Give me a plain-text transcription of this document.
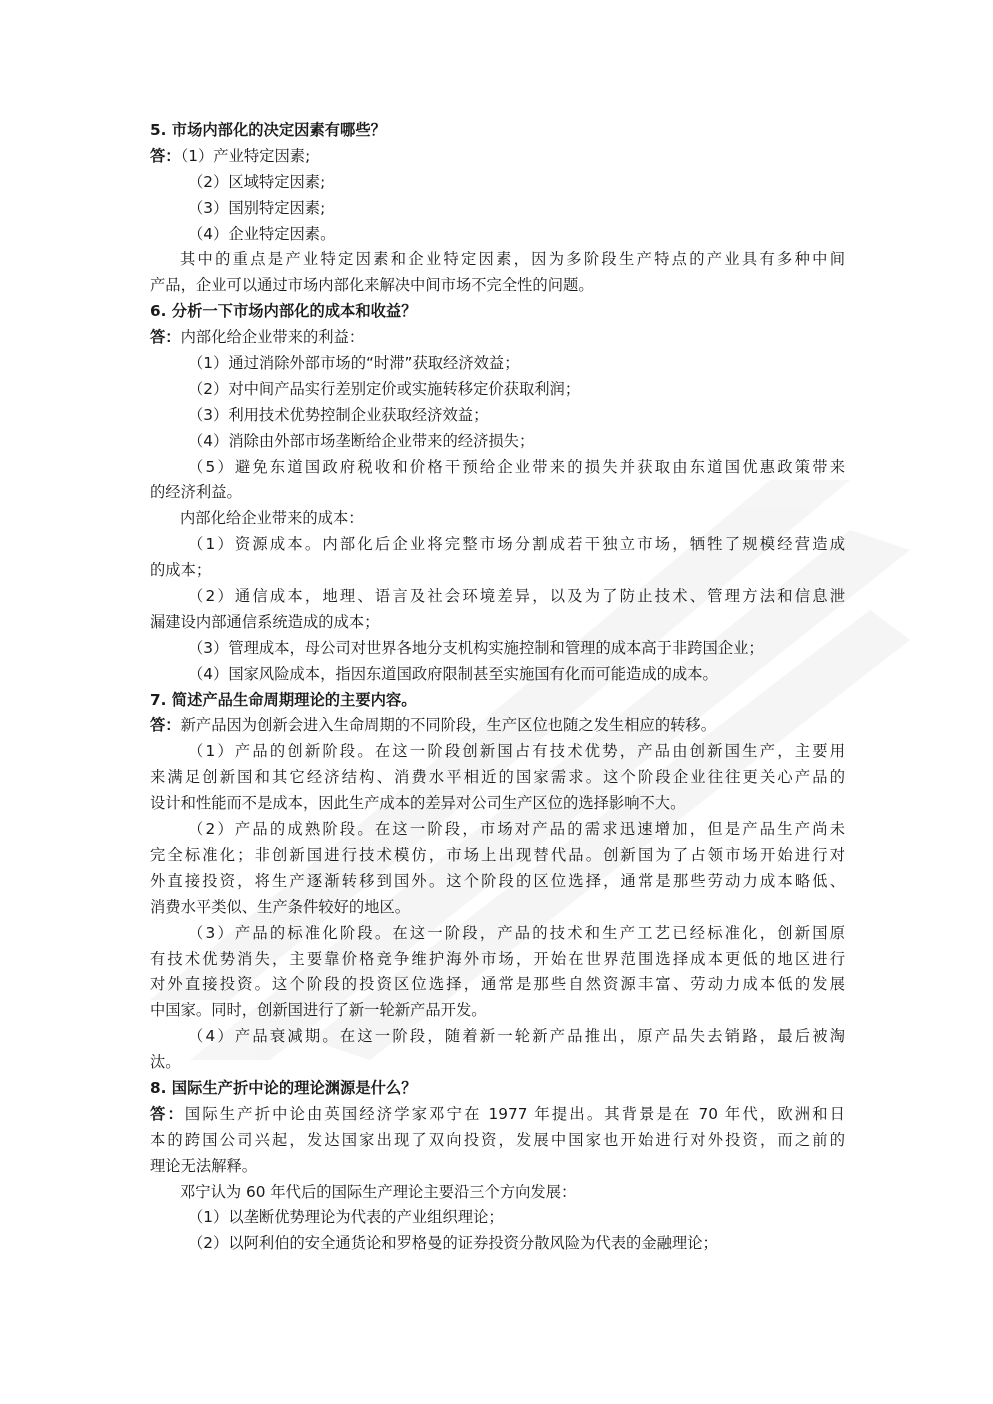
5. 市场内部化的决定因素有哪些？
答：（1）产业特定因素;
（2）区域特定因素;
（3）国别特定因素;
（4）企业特定因素。
其中的重点是产业特定因素和企业特定因素，因为多阶段生产特点的产业具有多种中间
产品，企业可以通过市场内部化来解决中间市场不完全性的问题。
6. 分析一下市场内部化的成本和收益？
答：内部化给企业带来的利益：
（1）通过消除外部市场的“时滞”获取经济效益；
（2）对中间产品实行差别定价或实施转移定价获取利润；
（3）利用技术优势控制企业获取经济效益；
（4）消除由外部市场垄断给企业带来的经济损失；
（5）避免东道国政府税收和价格干预给企业带来的损失并获取由东道国优惠政策带来
的经济利益。
内部化给企业带来的成本：
（1）资源成本。内部化后企业将完整市场分割成若干独立市场，牺牲了规模经营造成
的成本；
（2）通信成本，地理、语言及社会环境差异，以及为了防止技术、管理方法和信息泄
漏建设内部通信系统造成的成本；
（3）管理成本，母公司对世界各地分支机构实施控制和管理的成本高于非跨国企业；
（4）国家风险成本，指因东道国政府限制甚至实施国有化而可能造成的成本。
7. 简述产品生命周期理论的主要内容。
答：新产品因为创新会进入生命周期的不同阶段，生产区位也随之发生相应的转移。
（1）产品的创新阶段。在这一阶段创新国占有技术优势，产品由创新国生产，主要用
来满足创新国和其它经济结构、消费水平相近的国家需求。这个阶段企业往往更关心产品的
设计和性能而不是成本，因此生产成本的差异对公司生产区位的选择影响不大。
（2）产品的成熟阶段。在这一阶段，市场对产品的需求迅速增加，但是产品生产尚未
完全标准化；非创新国进行技术模仿，市场上出现替代品。创新国为了占领市场开始进行对
外直接投资，将生产逐渐转移到国外。这个阶段的区位选择，通常是那些劳动力成本略低、
消费水平类似、生产条件较好的地区。
（3）产品的标准化阶段。在这一阶段，产品的技术和生产工艺已经标准化，创新国原
有技术优势消失，主要靠价格竞争维护海外市场，开始在世界范围选择成本更低的地区进行
对外直接投资。这个阶段的投资区位选择，通常是那些自然资源丰富、劳动力成本低的发展
中国家。同时，创新国进行了新一轮新产品开发。
（4）产品衰减期。在这一阶段，随着新一轮新产品推出，原产品失去销路，最后被淘
汰。
8. 国际生产折中论的理论渊源是什么？
答：国际生产折中论由英国经济学家邓宁在 1977 年提出。其背景是在 70 年代，欧洲和日
本的跨国公司兴起，发达国家出现了双向投资，发展中国家也开始进行对外投资，而之前的
理论无法解释。
邓宁认为 60 年代后的国际生产理论主要沿三个方向发展：
（1）以垄断优势理论为代表的产业组织理论；
（2）以阿利伯的安全通货论和罗格曼的证券投资分散风险为代表的金融理论；
